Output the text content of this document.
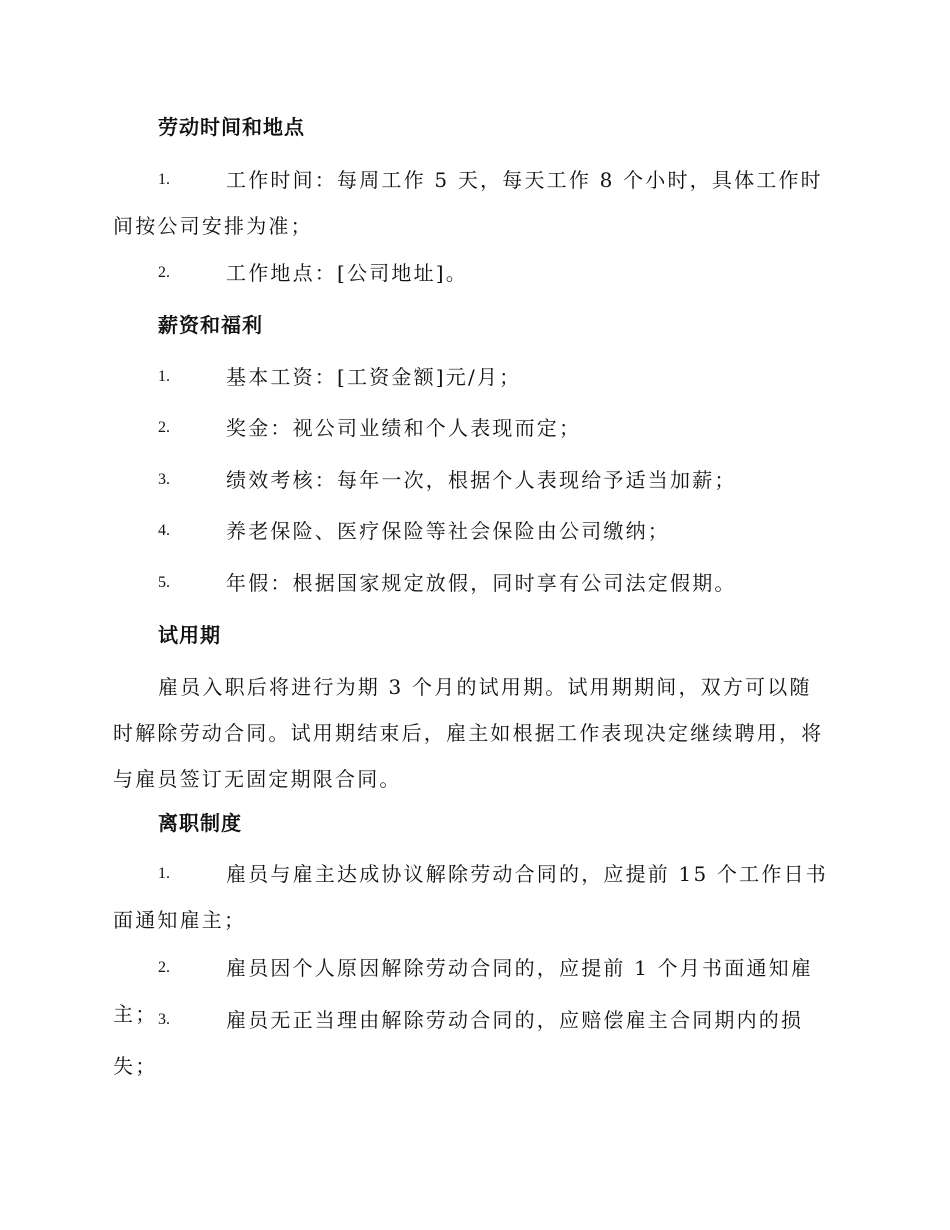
劳动时间和地点
1.	工作时间：每周工作 5 天，每天工作 8 个小时，具体工作时间按公司安排为准；
2.	工作地点：[公司地址]。
薪资和福利
1.	基本工资：[工资金额]元/月；
2.	奖金：视公司业绩和个人表现而定；
3.	绩效考核：每年一次，根据个人表现给予适当加薪；
4.	养老保险、医疗保险等社会保险由公司缴纳；
5.	年假：根据国家规定放假，同时享有公司法定假期。
试用期
雇员入职后将进行为期 3 个月的试用期。试用期期间，双方可以随时解除劳动合同。试用期结束后，雇主如根据工作表现决定继续聘用，将与雇员签订无固定期限合同。
离职制度
1.	雇员与雇主达成协议解除劳动合同的，应提前 15 个工作日书面通知雇主；
2.	雇员因个人原因解除劳动合同的，应提前 1 个月书面通知雇主； 3.	雇员无正当理由解除劳动合同的，应赔偿雇主合同期内的损失；
